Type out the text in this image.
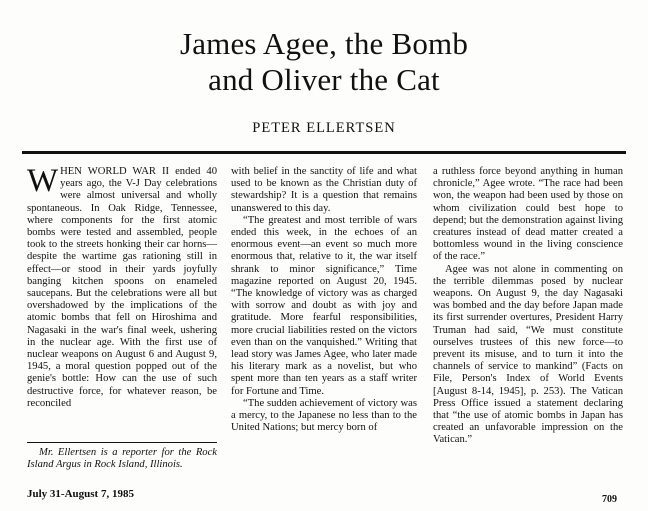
James Agee, the Bomb
and Oliver the Cat
PETER ELLERTSEN

WHEN WORLD WAR II ended 40 years ago, the V-J Day celebrations were almost universal and wholly spontaneous. In Oak Ridge, Tennessee, where components for the first atomic bombs were tested and assembled, people took to the streets honking their car horns—despite the wartime gas rationing still in effect—or stood in their yards joyfully banging kitchen spoons on enameled saucepans. But the celebrations were all but overshadowed by the implications of the atomic bombs that fell on Hiroshima and Nagasaki in the war's final week, ushering in the nuclear age. With the first use of nuclear weapons on August 6 and August 9, 1945, a moral question popped out of the genie's bottle: How can the use of such destructive force, for whatever reason, be reconciled

with belief in the sanctity of life and what used to be known as the Christian duty of stewardship? It is a question that remains unanswered to this day.

“The greatest and most terrible of wars ended this week, in the echoes of an enormous event—an event so much more enormous that, relative to it, the war itself shrank to minor significance,” Time magazine reported on August 20, 1945. “The knowledge of victory was as charged with sorrow and doubt as with joy and gratitude. More fearful responsibilities, more crucial liabilities rested on the victors even than on the vanquished.” Writing that lead story was James Agee, who later made his literary mark as a novelist, but who spent more than ten years as a staff writer for Fortune and Time.

“The sudden achievement of victory was a mercy, to the Japanese no less than to the United Nations; but mercy born of

a ruthless force beyond anything in human chronicle,” Agee wrote. “The race had been won, the weapon had been used by those on whom civilization could best hope to depend; but the demonstration against living creatures instead of dead matter created a bottomless wound in the living conscience of the race.”

Agee was not alone in commenting on the terrible dilemmas posed by nuclear weapons. On August 9, the day Nagasaki was bombed and the day before Japan made its first surrender overtures, President Harry Truman had said, “We must constitute ourselves trustees of this new force—to prevent its misuse, and to turn it into the channels of service to mankind” (Facts on File, Person's Index of World Events [August 8-14, 1945], p. 253). The Vatican Press Office issued a statement declaring that “the use of atomic bombs in Japan has created an unfavorable impression on the Vatican.”

Mr. Ellertsen is a reporter for the Rock Island Argus in Rock Island, Illinois.
July 31-August 7, 1985	709
